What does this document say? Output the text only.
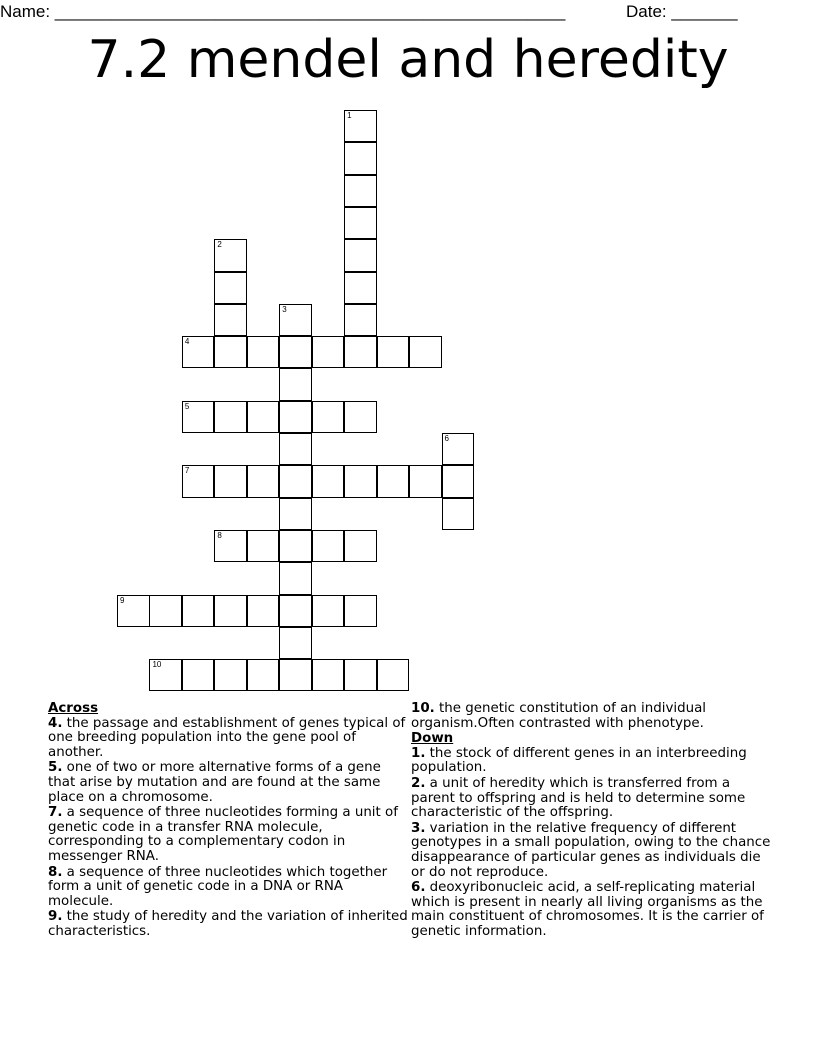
Name: ______________________________________________________	Date: _______
7.2 mendel and heredity
1
2
3
4
5
6
7
8
9
10
Across
4. the passage and establishment of genes typical of one breeding population into the gene pool of another.
5. one of two or more alternative forms of a gene that arise by mutation and are found at the same place on a chromosome.
7. a sequence of three nucleotides forming a unit of genetic code in a transfer RNA molecule, corresponding to a complementary codon in messenger RNA.
8. a sequence of three nucleotides which together form a unit of genetic code in a DNA or RNA molecule.
9. the study of heredity and the variation of inherited characteristics.
10. the genetic constitution of an individual organism.Often contrasted with phenotype.
Down
1. the stock of different genes in an interbreeding population.
2. a unit of heredity which is transferred from a parent to offspring and is held to determine some characteristic of the offspring.
3. variation in the relative frequency of different genotypes in a small population, owing to the chance disappearance of particular genes as individuals die or do not reproduce.
6. deoxyribonucleic acid, a self-replicating material which is present in nearly all living organisms as the main constituent of chromosomes. It is the carrier of genetic information.
